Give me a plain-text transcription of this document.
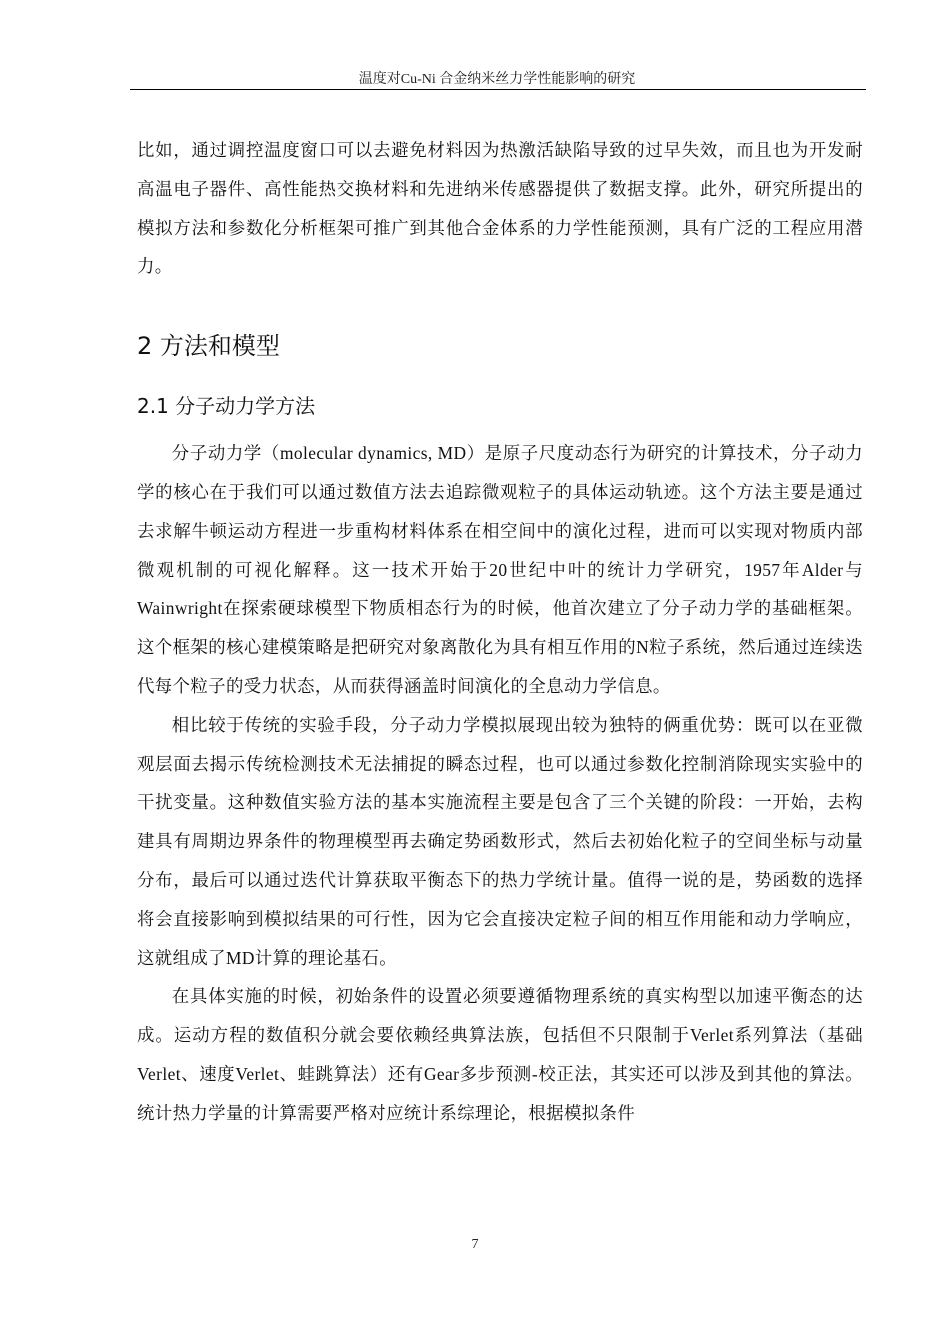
温度对Cu-Ni 合金纳米丝力学性能影响的研究

比如，通过调控温度窗口可以去避免材料因为热激活缺陷导致的过早失效，而且也为开发耐高温电子器件、高性能热交换材料和先进纳米传感器提供了数据支撑。此外，研究所提出的模拟方法和参数化分析框架可推广到其他合金体系的力学性能预测，具有广泛的工程应用潜力。

2 方法和模型
2.1 分子动力学方法

分子动力学（molecular dynamics, MD）是原子尺度动态行为研究的计算技术，分子动力学的核心在于我们可以通过数值方法去追踪微观粒子的具体运动轨迹。这个方法主要是通过去求解牛顿运动方程进一步重构材料体系在相空间中的演化过程，进而可以实现对物质内部微观机制的可视化解释。这一技术开始于20世纪中叶的统计力学研究，1957年Alder与Wainwright在探索硬球模型下物质相态行为的时候，他首次建立了分子动力学的基础框架。这个框架的核心建模策略是把研究对象离散化为具有相互作用的N粒子系统，然后通过连续迭代每个粒子的受力状态，从而获得涵盖时间演化的全息动力学信息。

相比较于传统的实验手段，分子动力学模拟展现出较为独特的俩重优势：既可以在亚微观层面去揭示传统检测技术无法捕捉的瞬态过程，也可以通过参数化控制消除现实实验中的干扰变量。这种数值实验方法的基本实施流程主要是包含了三个关键的阶段：一开始，去构建具有周期边界条件的物理模型再去确定势函数形式，然后去初始化粒子的空间坐标与动量分布，最后可以通过迭代计算获取平衡态下的热力学统计量。值得一说的是，势函数的选择将会直接影响到模拟结果的可行性，因为它会直接决定粒子间的相互作用能和动力学响应，这就组成了MD计算的理论基石。

在具体实施的时候，初始条件的设置必须要遵循物理系统的真实构型以加速平衡态的达成。运动方程的数值积分就会要依赖经典算法族，包括但不只限制于Verlet系列算法（基础Verlet、速度Verlet、蛙跳算法）还有Gear多步预测-校正法，其实还可以涉及到其他的算法。统计热力学量的计算需要严格对应统计系综理论，根据模拟条件

7
